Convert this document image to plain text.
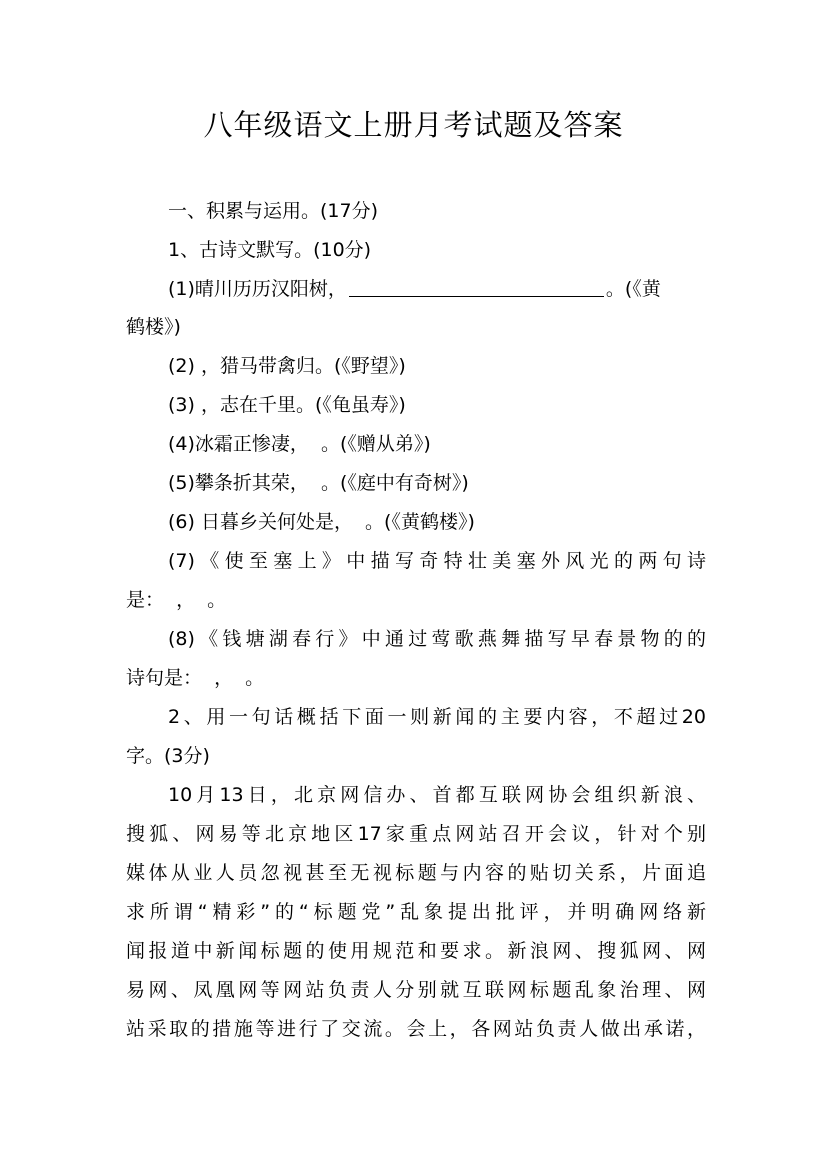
八年级语文上册月考试题及答案
一、积累与运用。(17分)
1、古诗文默写。(10分)
(1)晴川历历汉阳树，	。(《黄
鹤楼》)
(2) ，猎马带禽归。(《野望》)
(3) ，志在千里。(《龟虽寿》)
(4)冰霜正惨凄，  。(《赠从弟》)
(5)攀条折其荣，  。(《庭中有奇树》)
(6) 日暮乡关何处是，  。(《黄鹤楼》)
(7)《使至塞上》中描写奇特壮美塞外风光的两句诗
是：  ，  。
(8)《钱塘湖春行》中通过莺歌燕舞描写早春景物的的
诗句是：  ，  。
2、用一句话概括下面一则新闻的主要内容，不超过20
字。(3分)
10月13日，北京网信办、首都互联网协会组织新浪、
搜狐、网易等北京地区17家重点网站召开会议，针对个别
媒体从业人员忽视甚至无视标题与内容的贴切关系，片面追
求所谓“精彩”的“标题党”乱象提出批评，并明确网络新
闻报道中新闻标题的使用规范和要求。新浪网、搜狐网、网
易网、凤凰网等网站负责人分别就互联网标题乱象治理、网
站采取的措施等进行了交流。会上，各网站负责人做出承诺，
